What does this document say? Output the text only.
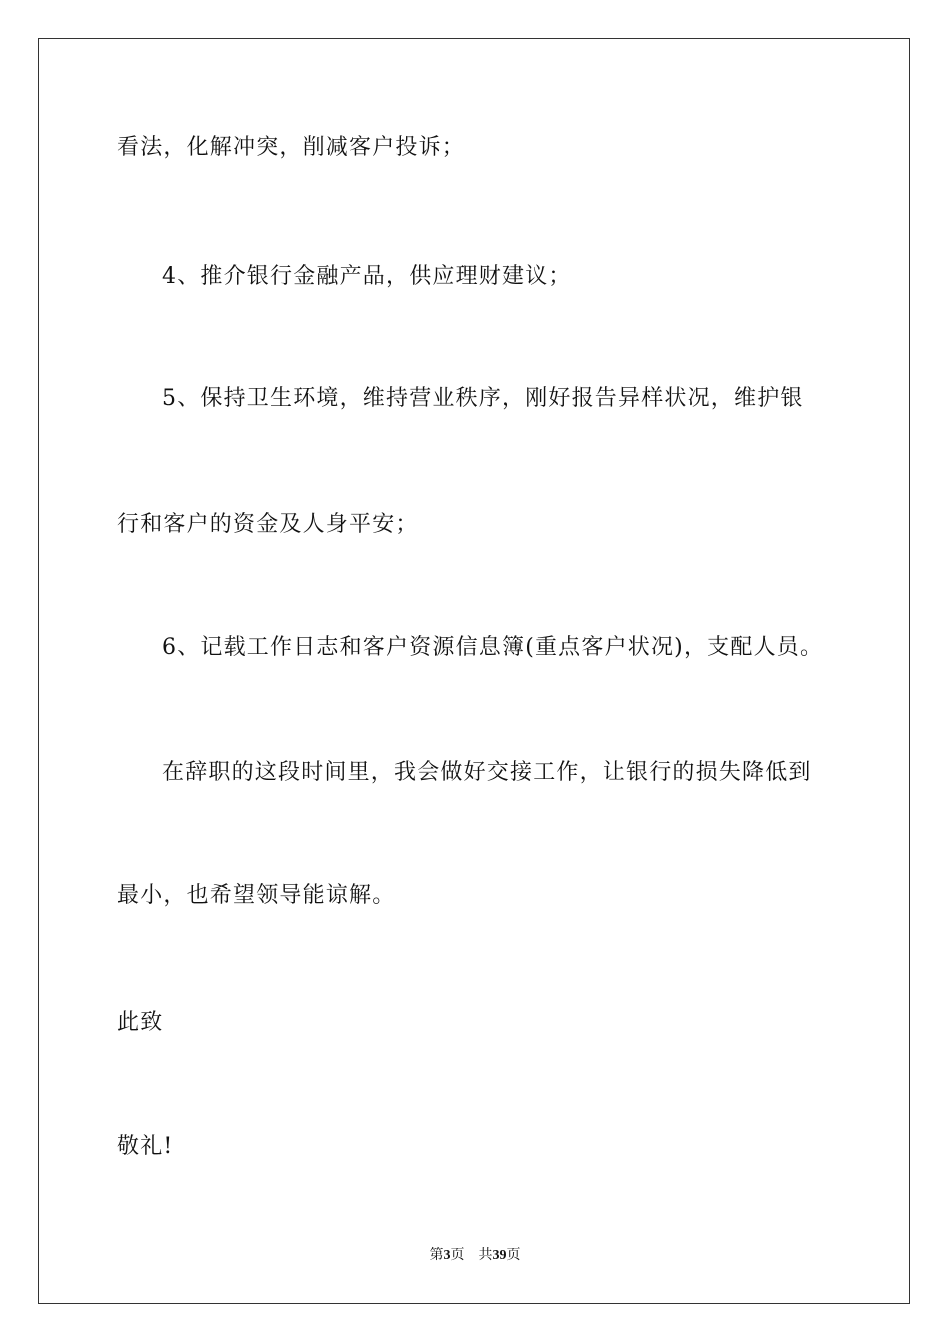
看法，化解冲突，削减客户投诉；

4、推介银行金融产品，供应理财建议；

5、保持卫生环境，维持营业秩序，刚好报告异样状况，维护银

行和客户的资金及人身平安；

6、记载工作日志和客户资源信息簿(重点客户状况)，支配人员。

在辞职的这段时间里，我会做好交接工作，让银行的损失降低到

最小，也希望领导能谅解。

此致

敬礼!

第3页 共39页
